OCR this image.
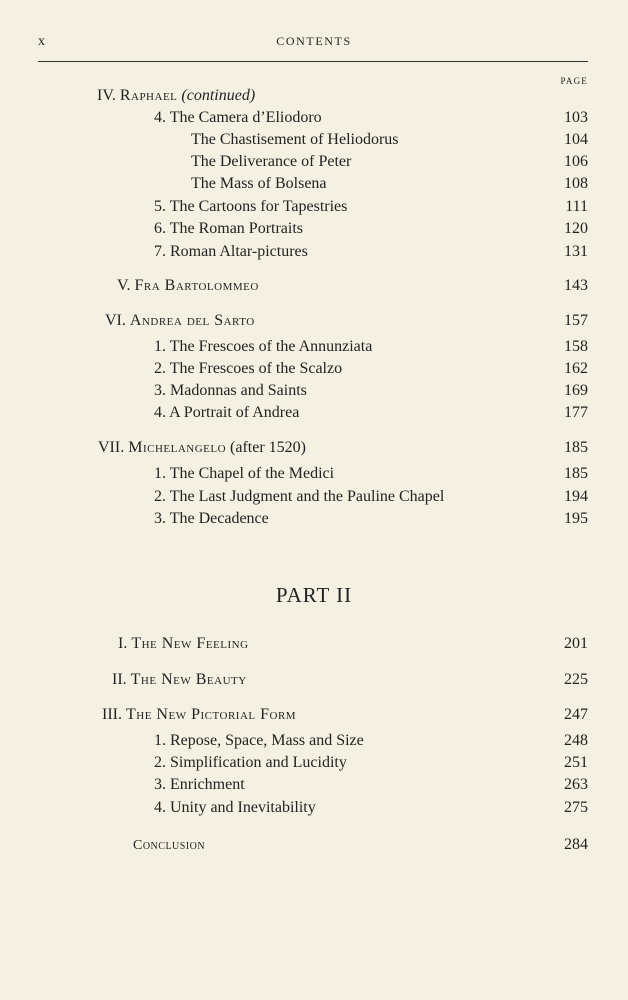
x	CONTENTS
PAGE
IV. Raphael (continued)
4. The Camera d’Eliodoro	103
The Chastisement of Heliodorus	104
The Deliverance of Peter	106
The Mass of Bolsena	108
5. The Cartoons for Tapestries	111
6. The Roman Portraits	120
7. Roman Altar-pictures	131
V. Fra Bartolommeo	143
VI. Andrea del Sarto	157
1. The Frescoes of the Annunziata	158
2. The Frescoes of the Scalzo	162
3. Madonnas and Saints	169
4. A Portrait of Andrea	177
VII. Michelangelo (after 1520)	185
1. The Chapel of the Medici	185
2. The Last Judgment and the Pauline Chapel	194
3. The Decadence	195
PART II
I. The New Feeling	201
II. The New Beauty	225
III. The New Pictorial Form	247
1. Repose, Space, Mass and Size	248
2. Simplification and Lucidity	251
3. Enrichment	263
4. Unity and Inevitability	275
Conclusion	284
